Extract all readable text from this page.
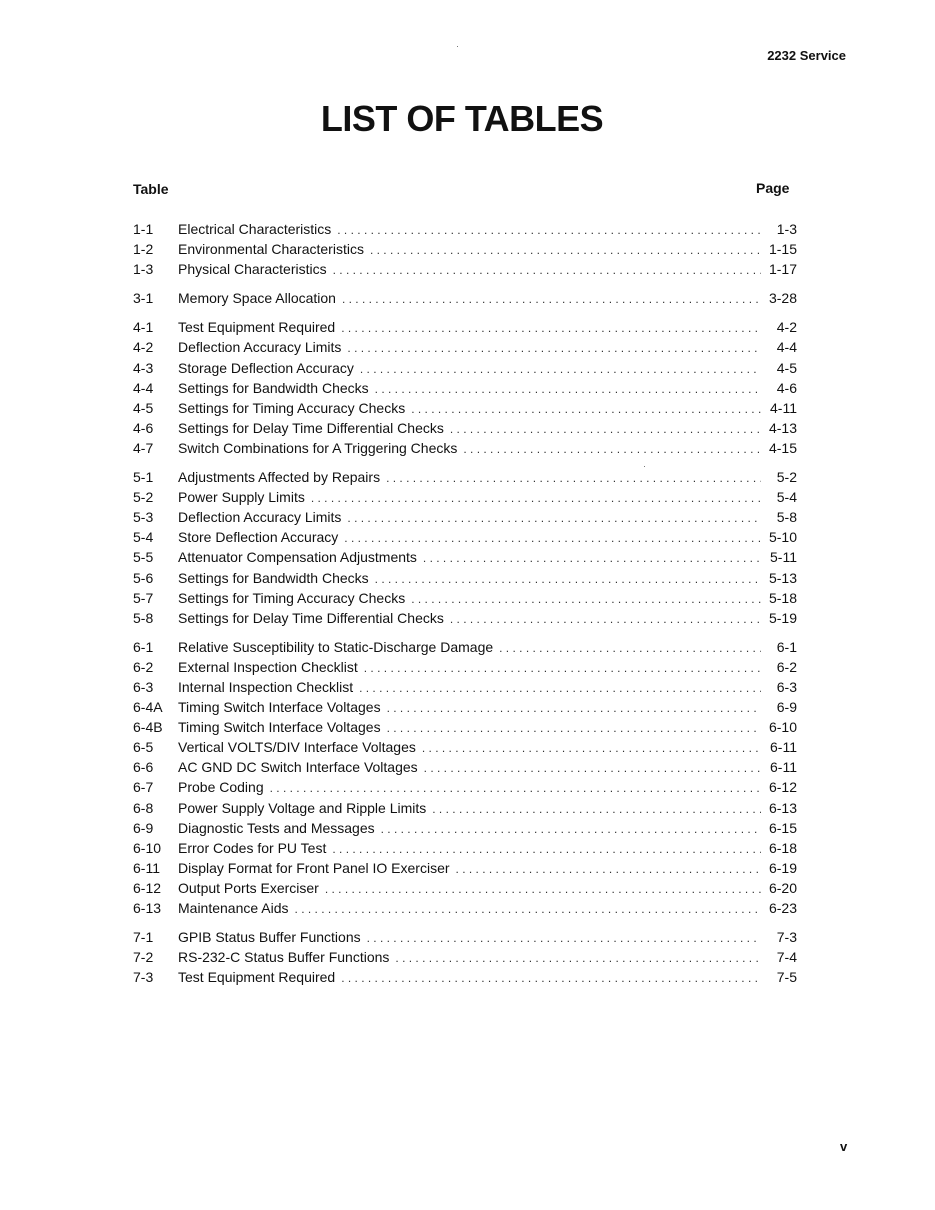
2232 Service
LIST OF TABLES
Table	Page
1-1	Electrical Characteristics . . .	1-3
1-2	Environmental Characteristics . . .	1-15
1-3	Physical Characteristics . . .	1-17
3-1	Memory Space Allocation . . .	3-28
4-1	Test Equipment Required . . .	4-2
4-2	Deflection Accuracy Limits . . .	4-4
4-3	Storage Deflection Accuracy . . .	4-5
4-4	Settings for Bandwidth Checks . . .	4-6
4-5	Settings for Timing Accuracy Checks . . .	4-11
4-6	Settings for Delay Time Differential Checks . . .	4-13
4-7	Switch Combinations for A Triggering Checks . . .	4-15
5-1	Adjustments Affected by Repairs . . .	5-2
5-2	Power Supply Limits . . .	5-4
5-3	Deflection Accuracy Limits . . .	5-8
5-4	Store Deflection Accuracy . . .	5-10
5-5	Attenuator Compensation Adjustments . . .	5-11
5-6	Settings for Bandwidth Checks . . .	5-13
5-7	Settings for Timing Accuracy Checks . . .	5-18
5-8	Settings for Delay Time Differential Checks . . .	5-19
6-1	Relative Susceptibility to Static-Discharge Damage . . .	6-1
6-2	External Inspection Checklist . . .	6-2
6-3	Internal Inspection Checklist . . .	6-3
6-4A	Timing Switch Interface Voltages . . .	6-9
6-4B	Timing Switch Interface Voltages . . .	6-10
6-5	Vertical VOLTS/DIV Interface Voltages . . .	6-11
6-6	AC GND DC Switch Interface Voltages . . .	6-11
6-7	Probe Coding . . .	6-12
6-8	Power Supply Voltage and Ripple Limits . . .	6-13
6-9	Diagnostic Tests and Messages . . .	6-15
6-10	Error Codes for PU Test . . .	6-18
6-11	Display Format for Front Panel IO Exerciser . . .	6-19
6-12	Output Ports Exerciser . . .	6-20
6-13	Maintenance Aids . . .	6-23
7-1	GPIB Status Buffer Functions . . .	7-3
7-2	RS-232-C Status Buffer Functions . . .	7-4
7-3	Test Equipment Required . . .	7-5
v
